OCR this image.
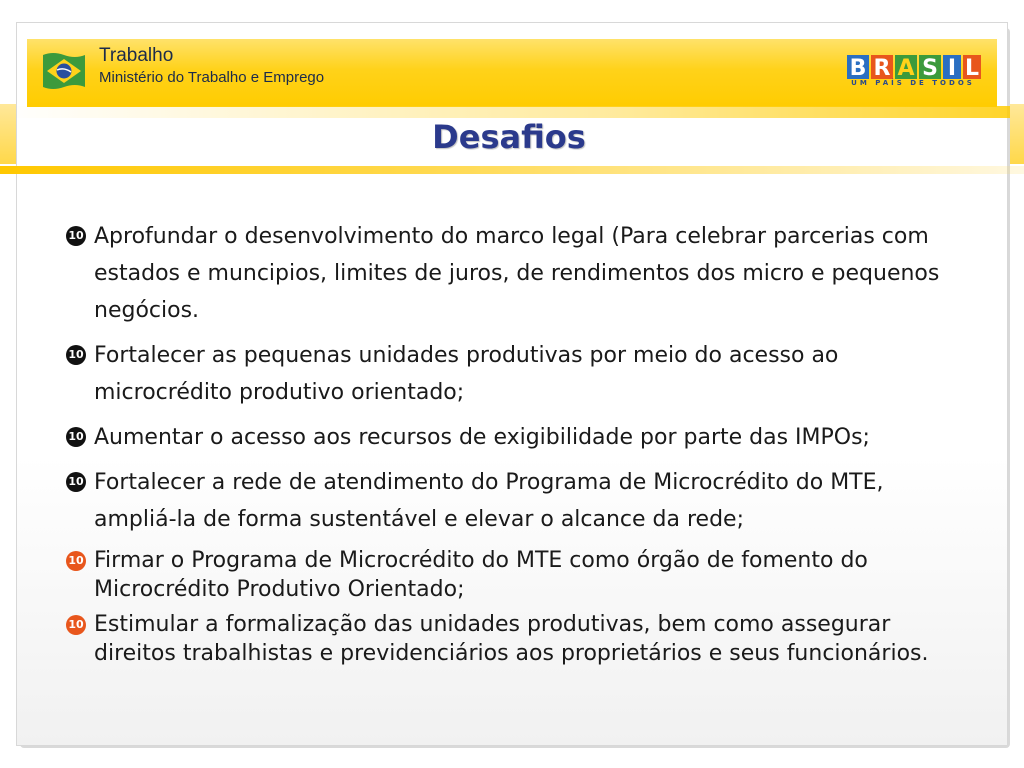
Trabalho
Ministério do Trabalho e Emprego	B R A S I L
UM PAÍS DE TODOS
Desafios
10 Aprofundar o desenvolvimento do marco legal (Para celebrar parcerias com estados e muncipios, limites de juros, de rendimentos dos micro e pequenos negócios.
10 Fortalecer as pequenas unidades produtivas por meio do acesso ao microcrédito produtivo orientado;
10 Aumentar o acesso aos recursos de exigibilidade por parte das IMPOs;
10 Fortalecer a rede de atendimento do Programa de Microcrédito do MTE, ampliá-la de forma sustentável e elevar o alcance da rede;
10 Firmar o Programa de Microcrédito do MTE como órgão de fomento do Microcrédito Produtivo Orientado;
10 Estimular a formalização das unidades produtivas, bem como assegurar direitos trabalhistas e previdenciários aos proprietários e seus funcionários.
